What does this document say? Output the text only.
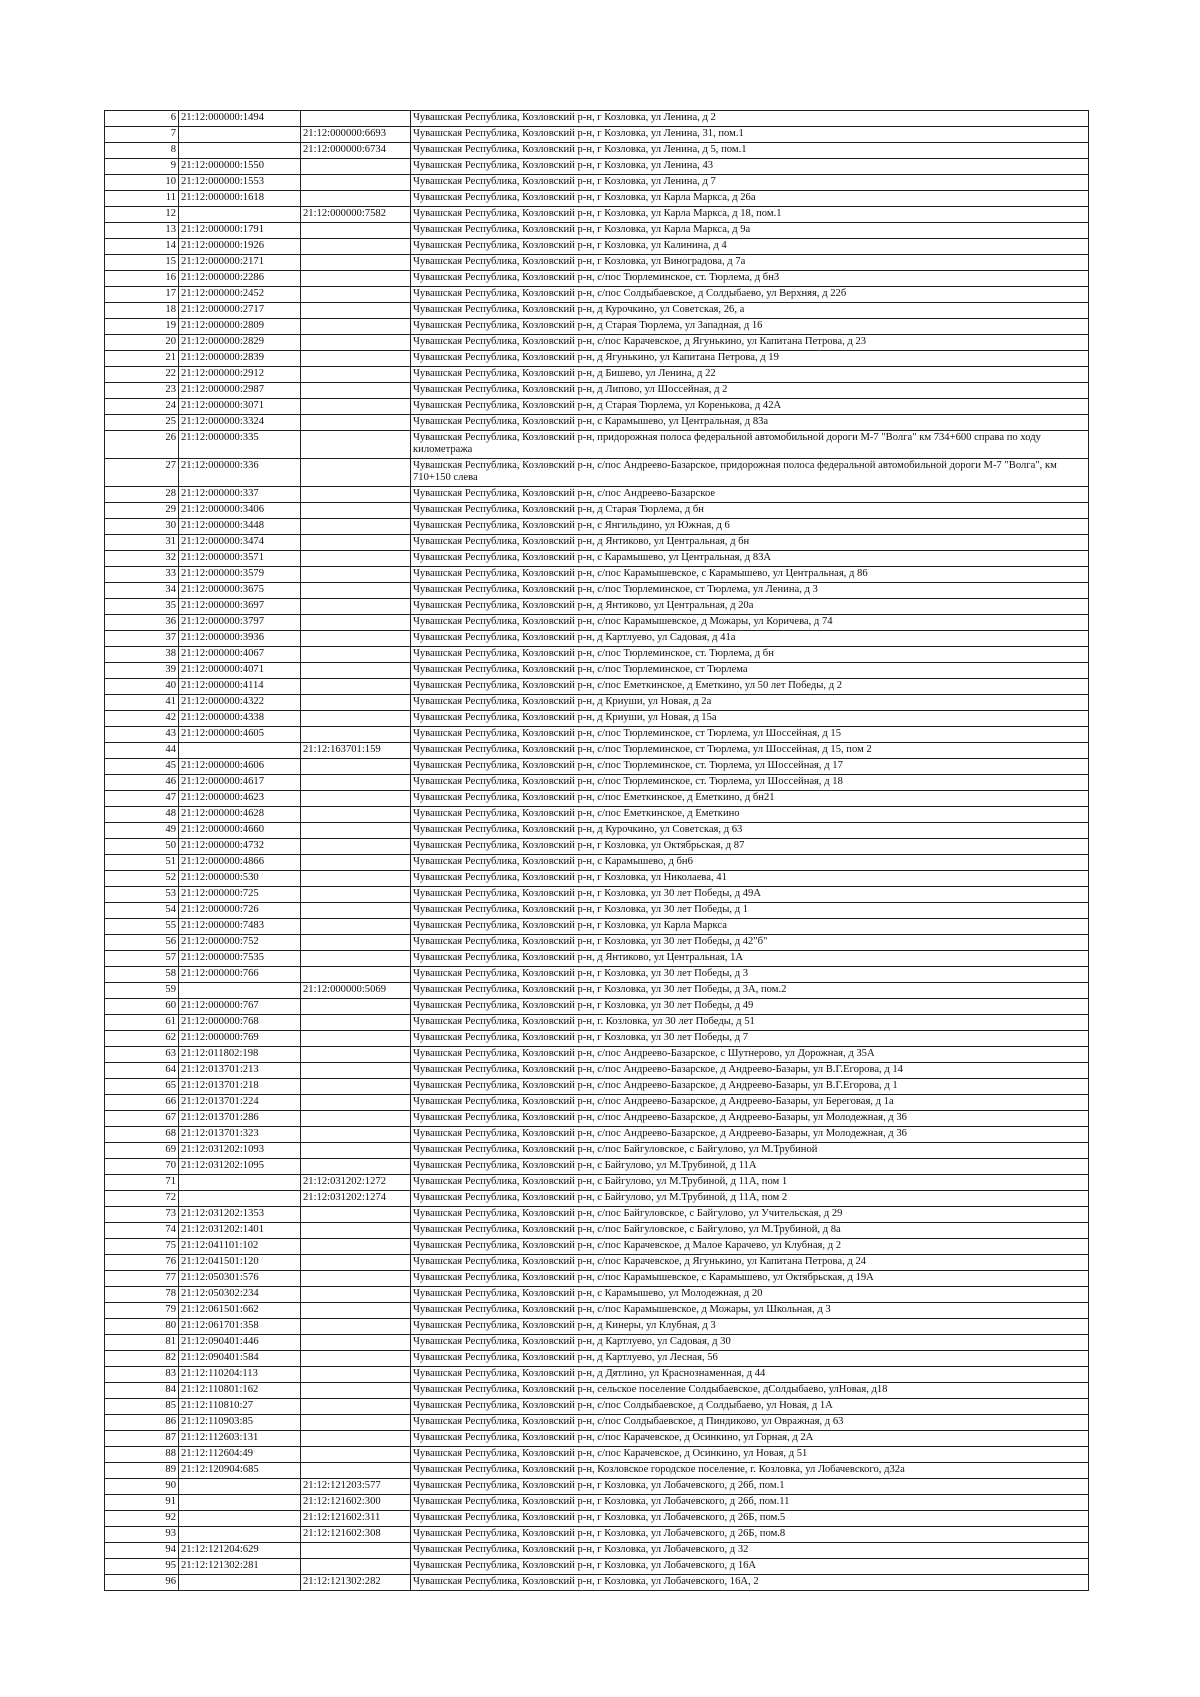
6	21:12:000000:1494		Чувашская Республика, Козловский р-н, г Козловка, ул Ленина, д 2
7		21:12:000000:6693	Чувашская Республика, Козловский р-н, г Козловка, ул Ленина, 31, пом.1
8		21:12:000000:6734	Чувашская Республика, Козловский р-н, г Козловка, ул Ленина, д 5, пом.1
9	21:12:000000:1550		Чувашская Республика, Козловский р-н, г Козловка, ул Ленина, 43
10	21:12:000000:1553		Чувашская Республика, Козловский р-н, г Козловка, ул Ленина, д 7
11	21:12:000000:1618		Чувашская Республика, Козловский р-н, г Козловка, ул Карла Маркса, д 26а
12		21:12:000000:7582	Чувашская Республика, Козловский р-н, г Козловка, ул Карла Маркса, д 18, пом.1
13	21:12:000000:1791		Чувашская Республика, Козловский р-н, г Козловка, ул Карла Маркса, д 9а
14	21:12:000000:1926		Чувашская Республика, Козловский р-н, г Козловка, ул Калинина, д 4
15	21:12:000000:2171		Чувашская Республика, Козловский р-н, г Козловка, ул Виноградова, д 7а
16	21:12:000000:2286		Чувашская Республика, Козловский р-н, с/пос Тюрлеминское, ст. Тюрлема, д бн3
17	21:12:000000:2452		Чувашская Республика, Козловский р-н, с/пос Солдыбаевское, д Солдыбаево, ул Верхняя, д 22б
18	21:12:000000:2717		Чувашская Республика, Козловский р-н, д Курочкино, ул Советская, 26, а
19	21:12:000000:2809		Чувашская Республика, Козловский р-н, д Старая Тюрлема, ул Западная, д 16
20	21:12:000000:2829		Чувашская Республика, Козловский р-н, с/пос Карачевское, д Ягунькино, ул Капитана Петрова, д 23
21	21:12:000000:2839		Чувашская Республика, Козловский р-н, д Ягунькино, ул Капитана Петрова, д 19
22	21:12:000000:2912		Чувашская Республика, Козловский р-н, д Бишево, ул Ленина, д 22
23	21:12:000000:2987		Чувашская Республика, Козловский р-н, д Липово, ул Шоссейная, д 2
24	21:12:000000:3071		Чувашская Республика, Козловский р-н, д Старая Тюрлема, ул Кореньковa, д 42А
25	21:12:000000:3324		Чувашская Республика, Козловский р-н, с Карамышево, ул Центральная, д 83а
26	21:12:000000:335		Чувашская Республика, Козловский р-н, придорожная полоса федеральной автомобильной дороги М-7 "Волга" км 734+600 справа по ходу километража
27	21:12:000000:336		Чувашская Республика, Козловский р-н, с/пос Андреево-Базарское, придорожная полоса федеральной автомобильной дороги М-7 "Волга", км 710+150 слева
28	21:12:000000:337		Чувашская Республика, Козловский р-н, с/пос Андреево-Базарское
29	21:12:000000:3406		Чувашская Республика, Козловский р-н, д Старая Тюрлема, д бн
30	21:12:000000:3448		Чувашская Республика, Козловский р-н, с Янгильдино, ул Южная, д 6
31	21:12:000000:3474		Чувашская Республика, Козловский р-н, д Янтиково, ул Центральная, д бн
32	21:12:000000:3571		Чувашская Республика, Козловский р-н, с Карамышево, ул Центральная, д 83А
33	21:12:000000:3579		Чувашская Республика, Козловский р-н, с/пос Карамышевское, с Карамышево, ул Центральная, д 86
34	21:12:000000:3675		Чувашская Республика, Козловский р-н, с/пос Тюрлеминское, ст Тюрлема, ул Ленина, д 3
35	21:12:000000:3697		Чувашская Республика, Козловский р-н, д Янтиково, ул Центральная, д 20а
36	21:12:000000:3797		Чувашская Республика, Козловский р-н, с/пос Карамышевское, д Можары, ул Коричева, д 74
37	21:12:000000:3936		Чувашская Республика, Козловский р-н, д Картлуево, ул Садовая, д 41а
38	21:12:000000:4067		Чувашская Республика, Козловский р-н, с/пос Тюрлеминское, ст. Тюрлема, д бн
39	21:12:000000:4071		Чувашская Республика, Козловский р-н, с/пос Тюрлеминское, ст Тюрлема
40	21:12:000000:4114		Чувашская Республика, Козловский р-н, с/пос Еметкинское, д Еметкино, ул 50 лет Победы, д 2
41	21:12:000000:4322		Чувашская Республика, Козловский р-н, д Криуши, ул Новая, д 2а
42	21:12:000000:4338		Чувашская Республика, Козловский р-н, д Криуши, ул Новая, д 15а
43	21:12:000000:4605		Чувашская Республика, Козловский р-н, с/пос Тюрлеминское, ст Тюрлема, ул Шоссейная, д 15
44		21:12:163701:159	Чувашская Республика, Козловский р-н, с/пос Тюрлеминское, ст Тюрлема, ул Шоссейная, д 15, пом 2
45	21:12:000000:4606		Чувашская Республика, Козловский р-н, с/пос Тюрлеминское, ст. Тюрлема, ул Шоссейная, д 17
46	21:12:000000:4617		Чувашская Республика, Козловский р-н, с/пос Тюрлеминское, ст. Тюрлема, ул Шоссейная, д 18
47	21:12:000000:4623		Чувашская Республика, Козловский р-н, с/пос Еметкинское, д Еметкино, д бн21
48	21:12:000000:4628		Чувашская Республика, Козловский р-н, с/пос Еметкинское, д Еметкино
49	21:12:000000:4660		Чувашская Республика, Козловский р-н, д Курочкино, ул Советская, д 63
50	21:12:000000:4732		Чувашская Республика, Козловский р-н, г Козловка, ул Октябрьская, д 87
51	21:12:000000:4866		Чувашская Республика, Козловский р-н, с Карамышево, д бн6
52	21:12:000000:530		Чувашская Республика, Козловский р-н, г Козловка, ул Николаева, 41
53	21:12:000000:725		Чувашская Республика, Козловский р-н, г Козловка, ул 30 лет Победы, д 49А
54	21:12:000000:726		Чувашская Республика, Козловский р-н, г Козловка, ул 30 лет Победы, д 1
55	21:12:000000:7483		Чувашская Республика, Козловский р-н, г Козловка, ул Карла Маркса
56	21:12:000000:752		Чувашская Республика, Козловский р-н, г Козловка, ул 30 лет Победы, д 42"б"
57	21:12:000000:7535		Чувашская Республика, Козловский р-н, д Янтиково, ул Центральная, 1А
58	21:12:000000:766		Чувашская Республика, Козловский р-н, г Козловка, ул 30 лет Победы, д 3
59		21:12:000000:5069	Чувашская Республика, Козловский р-н, г Козловка, ул 30 лет Победы, д 3А, пом.2
60	21:12:000000:767		Чувашская Республика, Козловский р-н, г Козловка, ул 30 лет Победы, д 49
61	21:12:000000:768		Чувашская Республика, Козловский р-н, г. Козловка, ул 30 лет Победы, д 51
62	21:12:000000:769		Чувашская Республика, Козловский р-н, г Козловка, ул 30 лет Победы, д 7
63	21:12:011802:198		Чувашская Республика, Козловский р-н, с/пос Андреево-Базарское, с Шутнерово, ул Дорожная, д 35А
64	21:12:013701:213		Чувашская Республика, Козловский р-н, с/пос Андреево-Базарское, д Андреево-Базары, ул В.Г.Егорова, д 14
65	21:12:013701:218		Чувашская Республика, Козловский р-н, с/пос Андреево-Базарское, д Андреево-Базары, ул В.Г.Егорова, д 1
66	21:12:013701:224		Чувашская Республика, Козловский р-н, с/пос Андреево-Базарское, д Андреево-Базары, ул Береговая, д 1а
67	21:12:013701:286		Чувашская Республика, Козловский р-н, с/пос Андреево-Базарское, д Андреево-Базары, ул Молодежная, д 36
68	21:12:013701:323		Чувашская Республика, Козловский р-н, с/пос Андреево-Базарское, д Андреево-Базары, ул Молодежная, д 36
69	21:12:031202:1093		Чувашская Республика, Козловский р-н, с/пос Байгуловское, с Байгулово, ул М.Трубиной
70	21:12:031202:1095		Чувашская Республика, Козловский р-н, с Байгулово, ул М.Трубиной, д 11А
71		21:12:031202:1272	Чувашская Республика, Козловский р-н, с Байгулово, ул М.Трубиной, д 11А, пом 1
72		21:12:031202:1274	Чувашская Республика, Козловский р-н, с Байгулово, ул М.Трубиной, д 11А, пом 2
73	21:12:031202:1353		Чувашская Республика, Козловский р-н, с/пос Байгуловское, с Байгулово, ул Учительская, д 29
74	21:12:031202:1401		Чувашская Республика, Козловский р-н, с/пос Байгуловское, с Байгулово, ул М.Трубиной, д 8а
75	21:12:041101:102		Чувашская Республика, Козловский р-н, с/пос Карачевское, д Малое Карачево, ул Клубная, д 2
76	21:12:041501:120		Чувашская Республика, Козловский р-н, с/пос Карачевское, д Ягунькино, ул Капитана Петрова, д 24
77	21:12:050301:576		Чувашская Республика, Козловский р-н, с/пос Карамышевское, с Карамышево, ул Октябрьская, д 19А
78	21:12:050302:234		Чувашская Республика, Козловский р-н, с Карамышево, ул Молодежная, д 20
79	21:12:061501:662		Чувашская Республика, Козловский р-н, с/пос Карамышевское, д Можары, ул Школьная, д 3
80	21:12:061701:358		Чувашская Республика, Козловский р-н, д Кинеры, ул Клубная, д 3
81	21:12:090401:446		Чувашская Республика, Козловский р-н, д Картлуево, ул Садовая, д 30
82	21:12:090401:584		Чувашская Республика, Козловский р-н, д Картлуево, ул Лесная, 56
83	21:12:110204:113		Чувашская Республика, Козловский р-н, д Дятлино, ул Краснознаменная, д 44
84	21:12:110801:162		Чувашская Республика, Козловский р-н, сельское поселение Солдыбаевское, дСолдыбаево, улНовая, д18
85	21:12:110810:27		Чувашская Республика, Козловский р-н, с/пос Солдыбаевское, д Солдыбаево, ул Новая, д 1А
86	21:12:110903:85		Чувашская Республика, Козловский р-н, с/пос Солдыбаевское, д Пиндиково, ул Овражная, д 63
87	21:12:112603:131		Чувашская Республика, Козловский р-н, с/пос Карачевское, д Осинкино, ул Горная, д 2А
88	21:12:112604:49		Чувашская Республика, Козловский р-н, с/пос Карачевское, д Осинкино, ул Новая, д 51
89	21:12:120904:685		Чувашская Республика, Козловский р-н, Козловское городское поселение, г. Козловка, ул Лобачевского, д32а
90		21:12:121203:577	Чувашская Республика, Козловский р-н, г Козловка, ул Лобачевского, д 26б, пом.1
91		21:12:121602:300	Чувашская Республика, Козловский р-н, г Козловка, ул Лобачевского, д 26б, пом.11
92		21:12:121602:311	Чувашская Республика, Козловский р-н, г Козловка, ул Лобачевского, д 26Б, пом.5
93		21:12:121602:308	Чувашская Республика, Козловский р-н, г Козловка, ул Лобачевского, д 26Б, пом.8
94	21:12:121204:629		Чувашская Республика, Козловский р-н, г Козловка, ул Лобачевского, д 32
95	21:12:121302:281		Чувашская Республика, Козловский р-н, г Козловка, ул Лобачевского, д 16А
96		21:12:121302:282	Чувашская Республика, Козловский р-н, г Козловка, ул Лобачевского, 16А, 2
